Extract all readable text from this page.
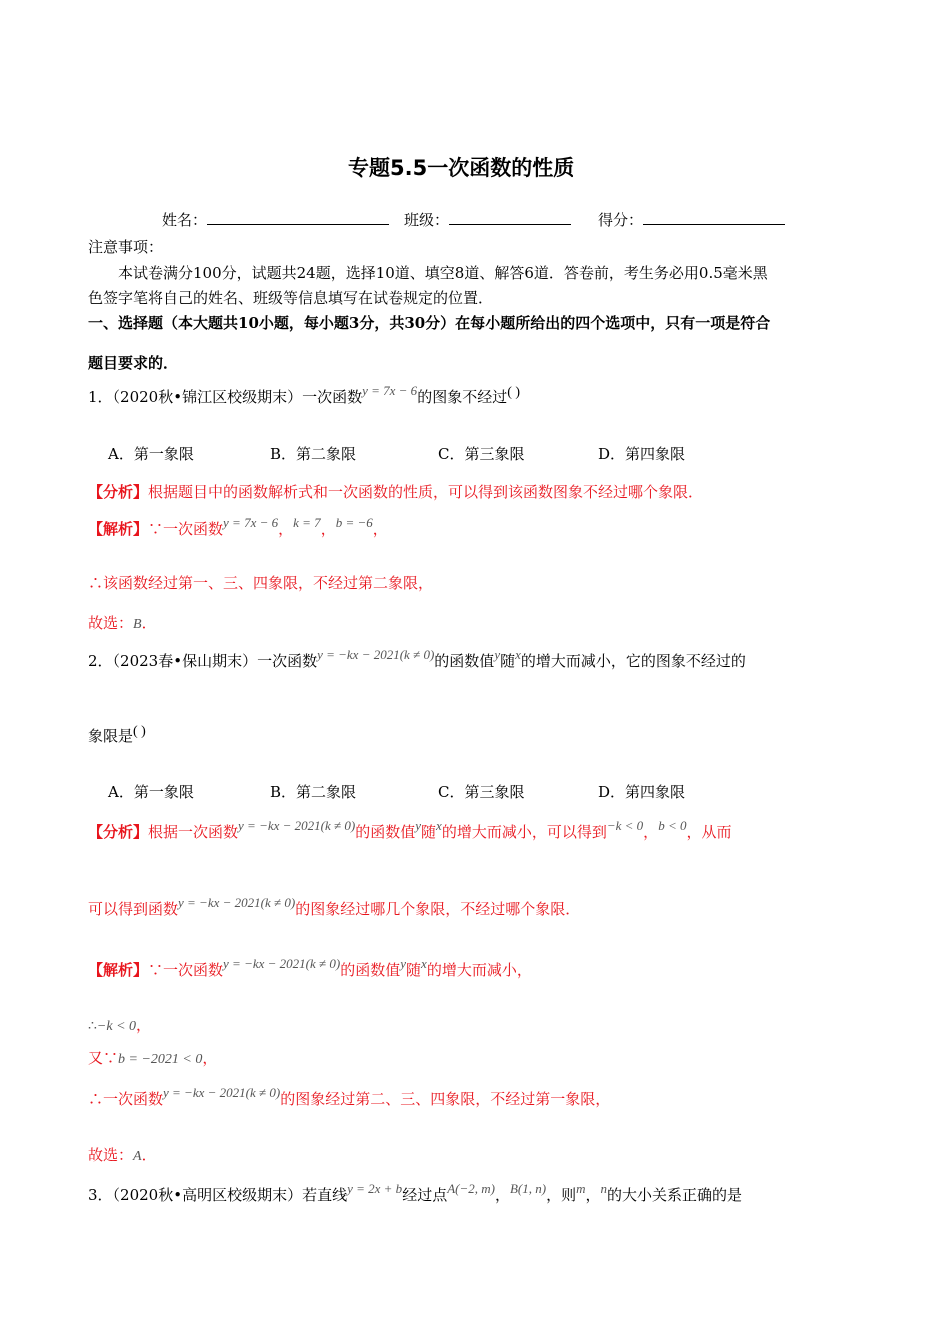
专题5.5一次函数的性质
姓名：	班级：	得分：
注意事项：
本试卷满分100分，试题共24题，选择10道、填空8道、解答6道．答卷前，考生务必用0.5毫米黑
色签字笔将自己的姓名、班级等信息填写在试卷规定的位置．
一、选择题（本大题共10小题，每小题3分，共30分）在每小题所给出的四个选项中，只有一项是符合
题目要求的．
1．（2020秋•锦江区校级期末）一次函数y = 7x − 6的图象不经过( )
A．第一象限	B．第二象限	C．第三象限	D．第四象限
【分析】根据题目中的函数解析式和一次函数的性质，可以得到该函数图象不经过哪个象限．
【解析】∵一次函数y = 7x − 6，k = 7，b = −6，
∴该函数经过第一、三、四象限，不经过第二象限，
故选：B．
2．（2023春•保山期末）一次函数y = −kx − 2021(k ≠ 0)的函数值y随x的增大而减小，它的图象不经过的
象限是( )
A．第一象限	B．第二象限	C．第三象限	D．第四象限
【分析】根据一次函数y = −kx − 2021(k ≠ 0)的函数值y随x的增大而减小，可以得到−k < 0，b < 0，从而
可以得到函数y = −kx − 2021(k ≠ 0)的图象经过哪几个象限，不经过哪个象限．
【解析】∵一次函数y = −kx − 2021(k ≠ 0)的函数值y随x的增大而减小，
∴−k < 0，
又∵b = −2021 < 0，
∴一次函数y = −kx − 2021(k ≠ 0)的图象经过第二、三、四象限，不经过第一象限，
故选：A．
3．（2020秋•高明区校级期末）若直线y = 2x + b经过点A(−2, m)，B(1, n)，则m，n的大小关系正确的是
